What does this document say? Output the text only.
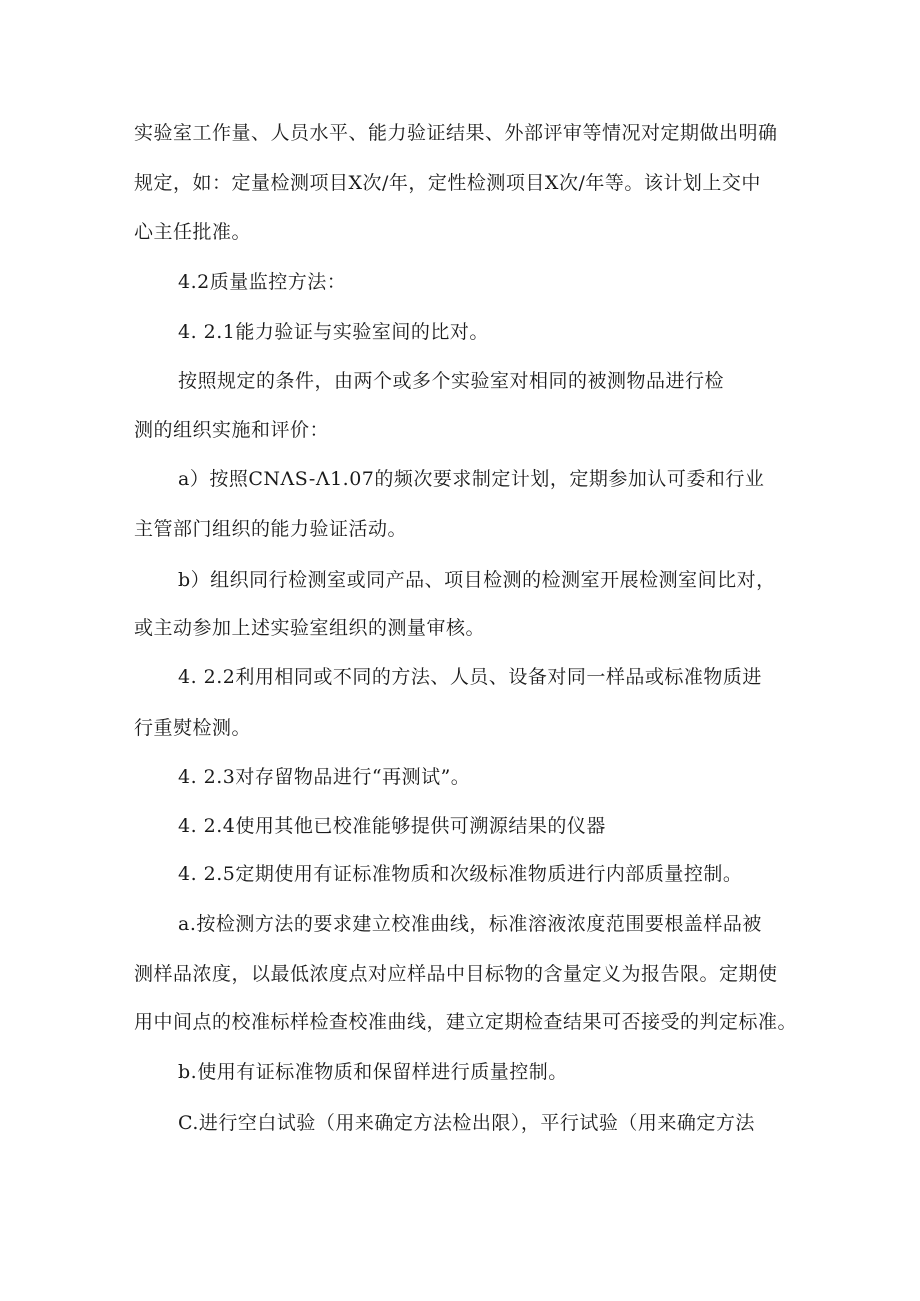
实验室工作量、人员水平、能力验证结果、外部评审等情况对定期做出明确
规定，如：定量检测项目X次/年，定性检测项目X次/年等。该计划上交中
心主任批准。
4.2质量监控方法：
4. 2.1能力验证与实验室间的比对。
按照规定的条件，由两个或多个实验室对相同的被测物品进行检
测的组织实施和评价：
a）按照CNΛS-Λ1.07的频次要求制定计划，定期参加认可委和行业
主管部门组织的能力验证活动。
b）组织同行检测室或同产品、项目检测的检测室开展检测室间比对，
或主动参加上述实验室组织的测量审核。
4. 2.2利用相同或不同的方法、人员、设备对同一样品或标准物质进
行重熨检测。
4. 2.3对存留物品进行“再测试”。
4. 2.4使用其他已校准能够提供可溯源结果的仪器
4. 2.5定期使用有证标准物质和次级标准物质进行内部质量控制。
a.按检测方法的要求建立校准曲线，标准溶液浓度范围要根盖样品被
测样品浓度，以最低浓度点对应样品中目标物的含量定义为报告限。定期使
用中间点的校准标样检查校准曲线，建立定期检查结果可否接受的判定标准。
b.使用有证标准物质和保留样进行质量控制。
C.进行空白试验（用来确定方法检出限），平行试验（用来确定方法
